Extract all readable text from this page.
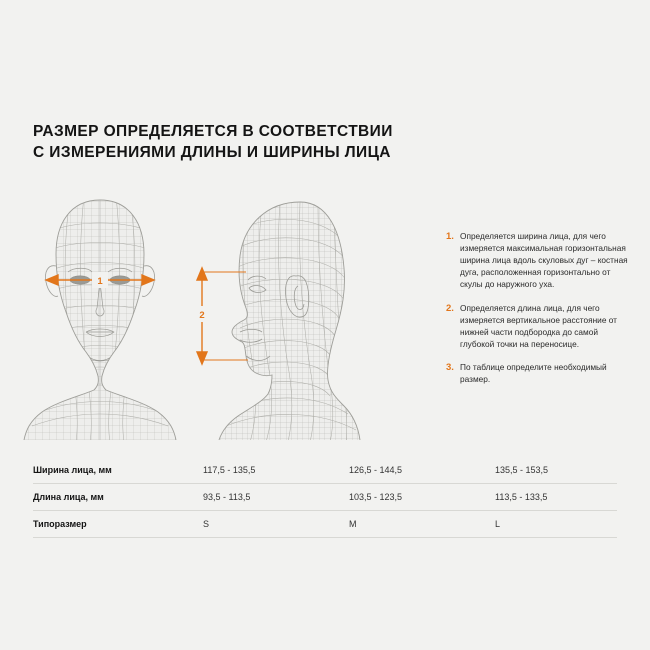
РАЗМЕР ОПРЕДЕЛЯЕТСЯ В СООТВЕТСТВИИ
С ИЗМЕРЕНИЯМИ ДЛИНЫ И ШИРИНЫ ЛИЦА
1
2
1. Определяется ширина лица, для чего измеряется максимальная горизонтальная ширина лица вдоль скуловых дуг – костная дуга, расположенная горизонтально от скулы до наружного уха.
2. Определяется длина лица, для чего измеряется вертикальное расстояние от нижней части подбородка до самой глубокой точки на переносице.
3. По таблице определите необходимый размер.
Ширина лица, мм	117,5 - 135,5	126,5 - 144,5	135,5 - 153,5
Длина лица, мм	93,5 - 113,5	103,5 - 123,5	113,5 - 133,5
Типоразмер	S	M	L
